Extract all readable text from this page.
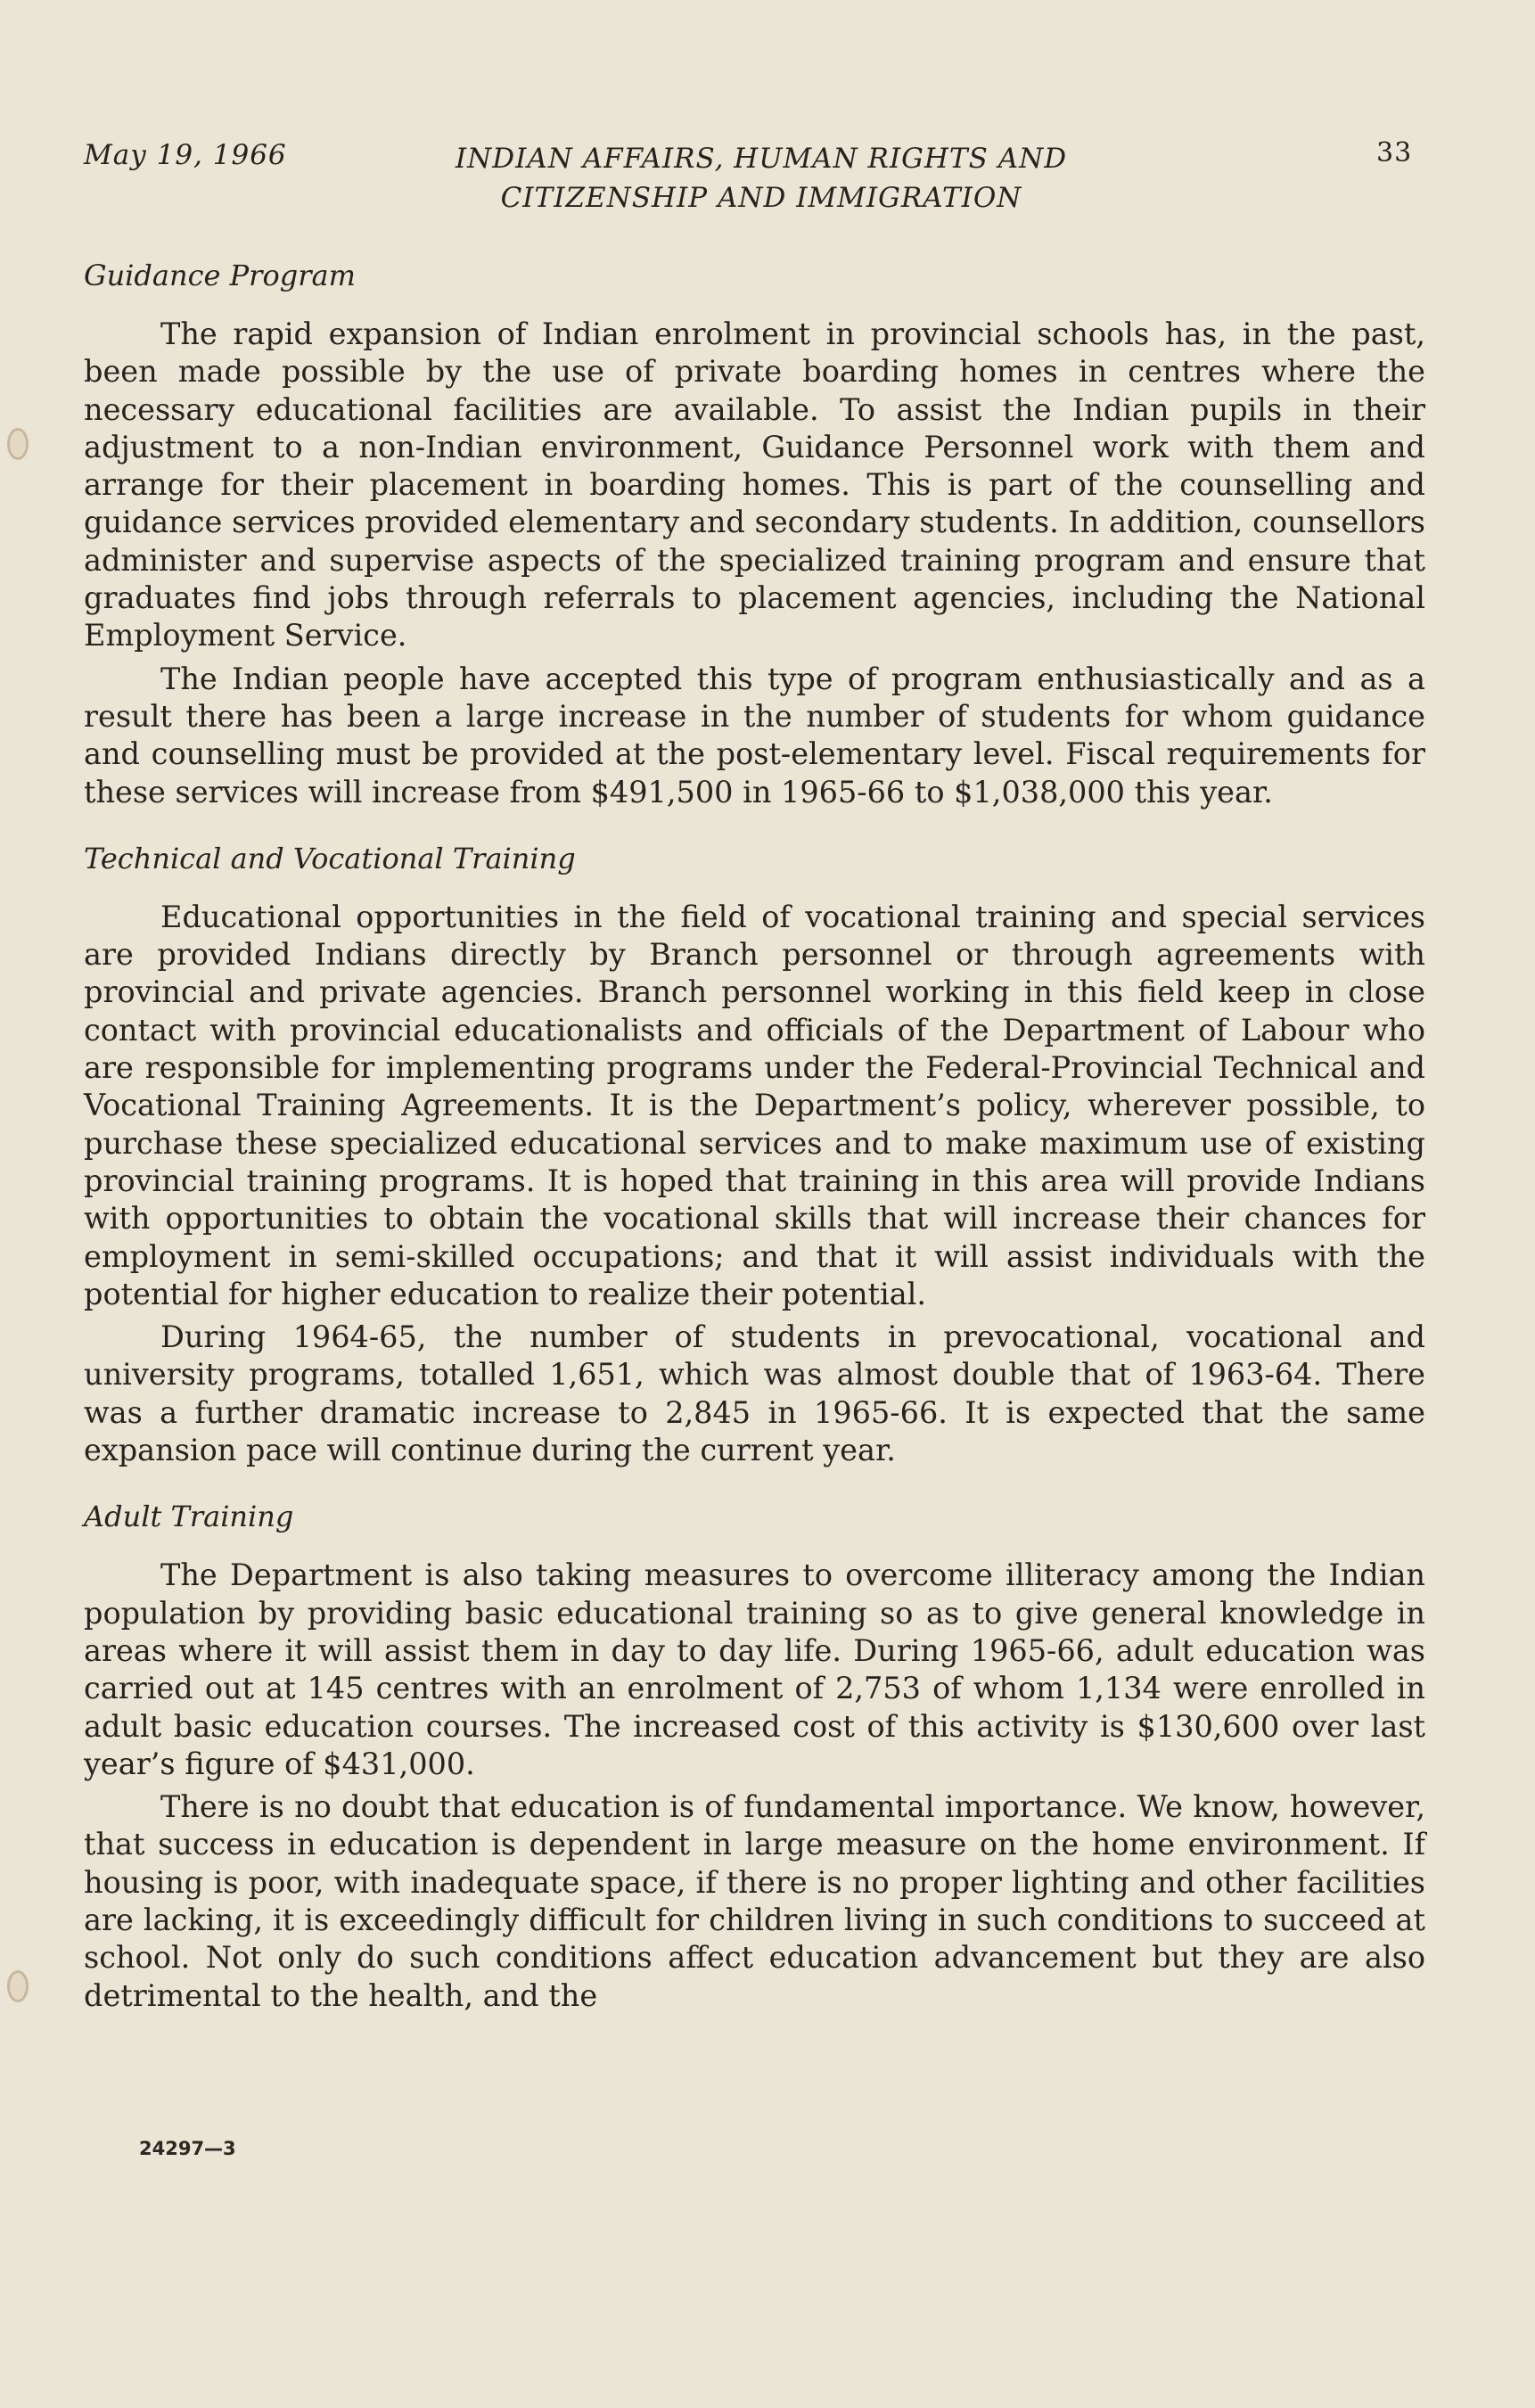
May 19, 1966	INDIAN AFFAIRS, HUMAN RIGHTS AND
CITIZENSHIP AND IMMIGRATION
33
Guidance Program

The rapid expansion of Indian enrolment in provincial schools has, in the past, been made possible by the use of private boarding homes in centres where the necessary educational facilities are available. To assist the Indian pupils in their adjustment to a non-Indian environment, Guidance Personnel work with them and arrange for their placement in boarding homes. This is part of the counselling and guidance services provided elementary and secondary students. In addition, counsellors administer and supervise aspects of the specialized training program and ensure that graduates find jobs through referrals to placement agencies, including the National Employment Service.

The Indian people have accepted this type of program enthusiastically and as a result there has been a large increase in the number of students for whom guidance and counselling must be provided at the post-elementary level. Fiscal requirements for these services will increase from $491,500 in 1965-66 to $1,038,000 this year.

Technical and Vocational Training

Educational opportunities in the field of vocational training and special services are provided Indians directly by Branch personnel or through agreements with provincial and private agencies. Branch personnel working in this field keep in close contact with provincial educationalists and officials of the Department of Labour who are responsible for implementing programs under the Federal-Provincial Technical and Vocational Training Agreements. It is the Department’s policy, wherever possible, to purchase these specialized educational services and to make maximum use of existing provincial training programs. It is hoped that training in this area will provide Indians with opportunities to obtain the vocational skills that will increase their chances for employment in semi-skilled occupations; and that it will assist individuals with the potential for higher education to realize their potential.

During 1964-65, the number of students in prevocational, vocational and university programs, totalled 1,651, which was almost double that of 1963-64. There was a further dramatic increase to 2,845 in 1965-66. It is expected that the same expansion pace will continue during the current year.

Adult Training

The Department is also taking measures to overcome illiteracy among the Indian population by providing basic educational training so as to give general knowledge in areas where it will assist them in day to day life. During 1965-66, adult education was carried out at 145 centres with an enrolment of 2,753 of whom 1,134 were enrolled in adult basic education courses. The increased cost of this activity is $130,600 over last year’s figure of $431,000.

There is no doubt that education is of fundamental importance. We know, however, that success in education is dependent in large measure on the home environment. If housing is poor, with inadequate space, if there is no proper lighting and other facilities are lacking, it is exceedingly difficult for children living in such conditions to succeed at school. Not only do such conditions affect education advancement but they are also detrimental to the health, and the

24297—3
